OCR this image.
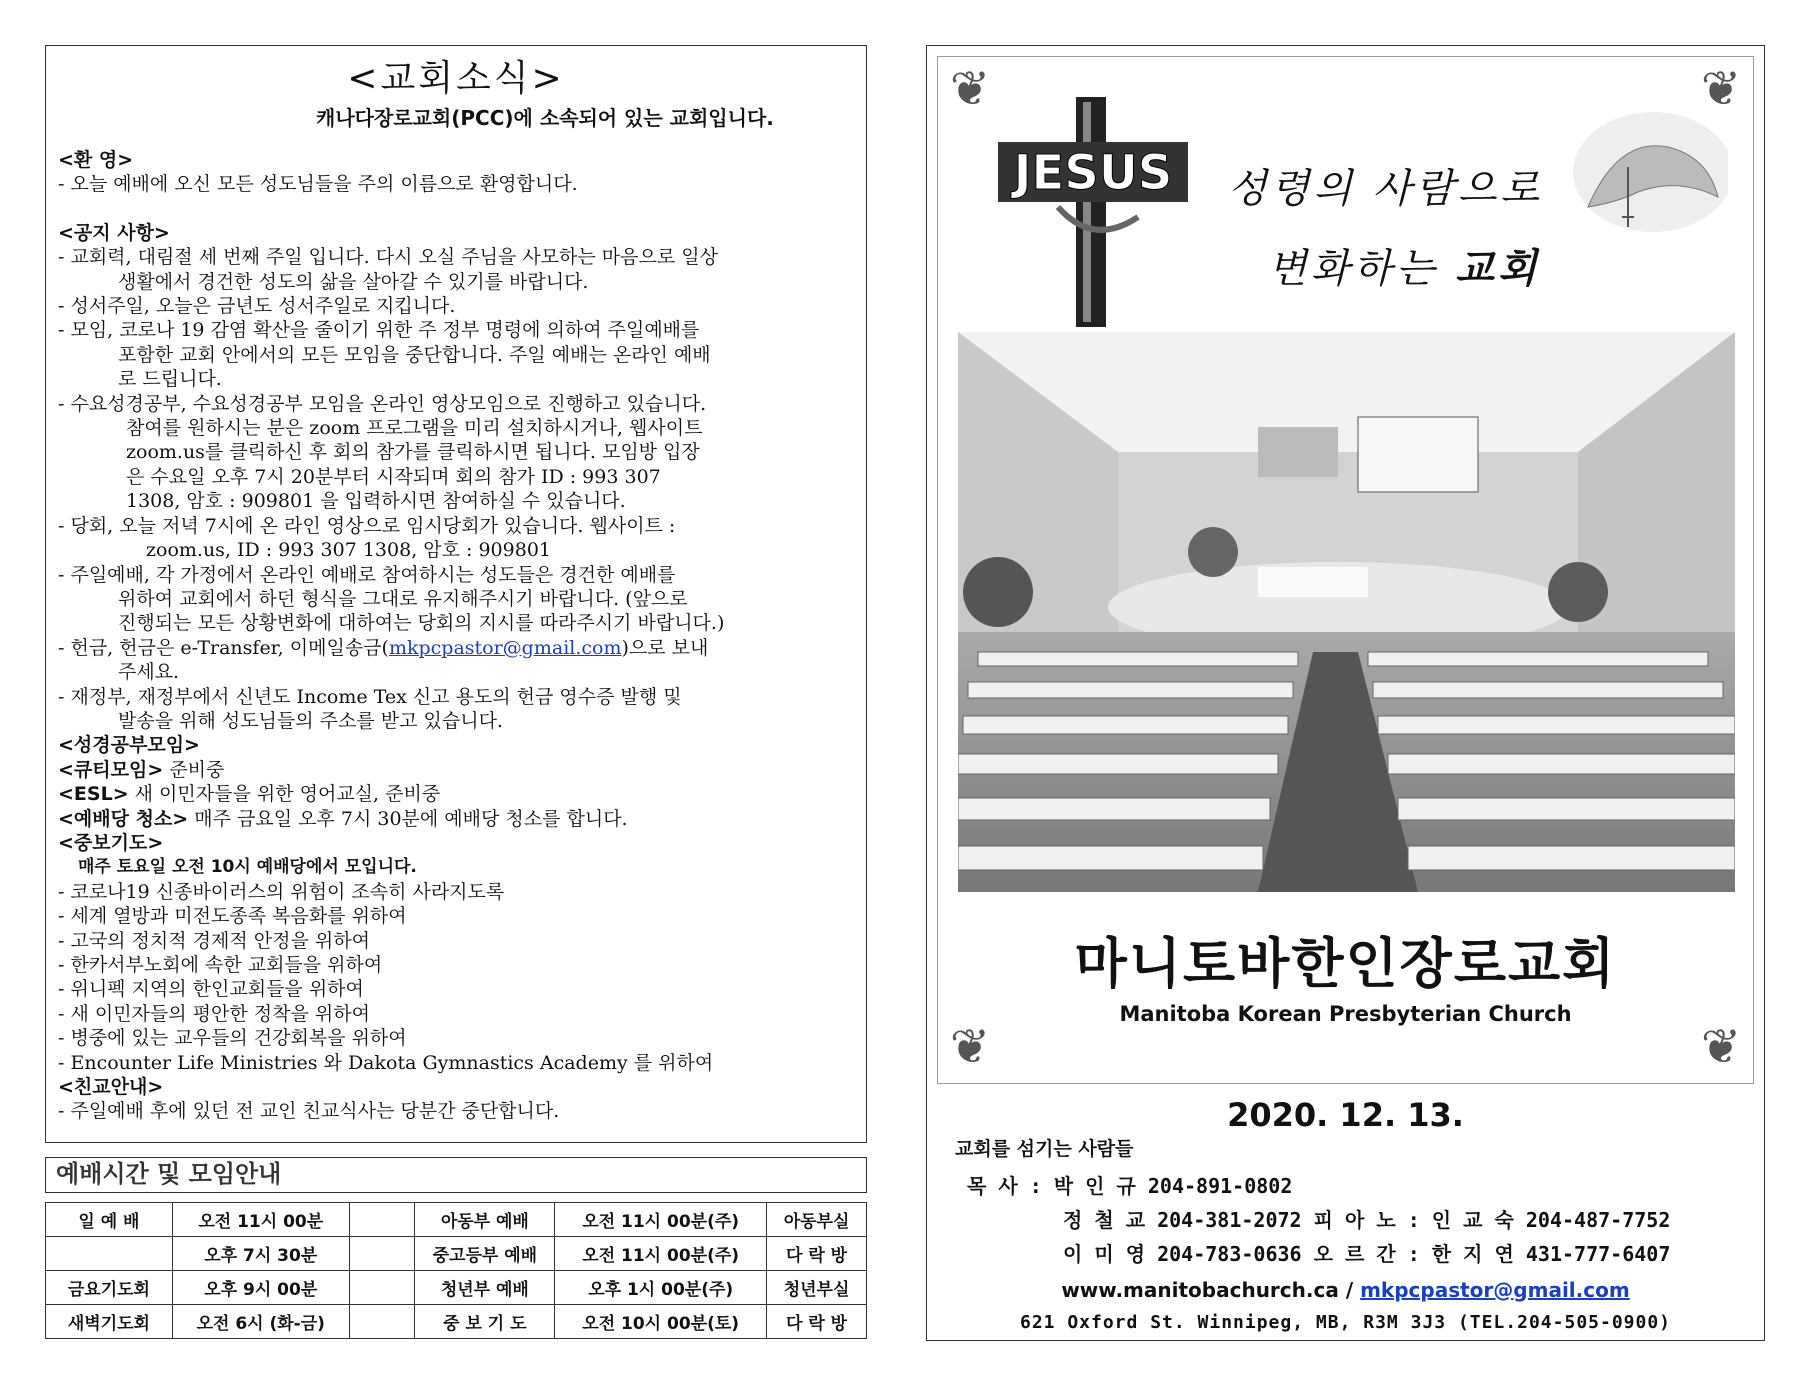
<교회소식>
캐나다장로교회(PCC)에 소속되어 있는 교회입니다.
<환 영>
- 오늘 예배에 오신 모든 성도님들을 주의 이름으로 환영합니다.
<공지 사항>
- 교회력, 대림절 세 번째 주일 입니다. 다시 오실 주님을 사모하는 마음으로 일상
생활에서 경건한 성도의 삶을 살아갈 수 있기를 바랍니다.
- 성서주일, 오늘은 금년도 성서주일로 지킵니다.
- 모임, 코로나 19 감염 확산을 줄이기 위한 주 정부 명령에 의하여 주일예배를
포함한 교회 안에서의 모든 모임을 중단합니다. 주일 예배는 온라인 예배
로 드립니다.
- 수요성경공부, 수요성경공부 모임을 온라인 영상모임으로 진행하고 있습니다.
참여를 원하시는 분은 zoom 프로그램을 미리 설치하시거나, 웹사이트
zoom.us를 클릭하신 후 회의 참가를 클릭하시면 됩니다. 모임방 입장
은 수요일 오후 7시 20분부터 시작되며 회의 참가 ID : 993 307
1308, 암호 : 909801 을 입력하시면 참여하실 수 있습니다.
- 당회, 오늘 저녁 7시에 온 라인 영상으로 임시당회가 있습니다. 웹사이트 :
zoom.us, ID : 993 307 1308, 암호 : 909801
- 주일예배, 각 가정에서 온라인 예배로 참여하시는 성도들은 경건한 예배를
위하여 교회에서 하던 형식을 그대로 유지해주시기 바랍니다. (앞으로
진행되는 모든 상황변화에 대하여는 당회의 지시를 따라주시기 바랍니다.)
- 헌금, 헌금은 e-Transfer, 이메일송금(mkpcpastor@gmail.com)으로 보내
주세요.
- 재정부, 재정부에서 신년도 Income Tex 신고 용도의 헌금 영수증 발행 및
발송을 위해 성도님들의 주소를 받고 있습니다.
<성경공부모임>
<큐티모임> 준비중
<ESL> 새 이민자들을 위한 영어교실, 준비중
<예배당 청소> 매주 금요일 오후 7시 30분에 예배당 청소를 합니다.
<중보기도>
매주 토요일 오전 10시 예배당에서 모입니다.
- 코로나19 신종바이러스의 위험이 조속히 사라지도록
- 세계 열방과 미전도종족 복음화를 위하여
- 고국의 정치적 경제적 안정을 위하여
- 한카서부노회에 속한 교회들을 위하여
- 위니펙 지역의 한인교회들을 위하여
- 새 이민자들의 평안한 정착을 위하여
- 병중에 있는 교우들의 건강회복을 위하여
- Encounter Life Ministries 와 Dakota Gymnastics Academy 를 위하여
<친교안내>
- 주일예배 후에 있던 전 교인 친교식사는 당분간 중단합니다.
예배시간 및 모임안내
일 예 배	오전 11시 00분		아동부 예배	오전 11시 00분(주)	아동부실
	오후 7시 30분		중고등부 예배	오전 11시 00분(주)	다 락 방
금요기도회	오후 9시 00분		청년부 예배	오후 1시 00분(주)	청년부실
새벽기도회	오전 6시 (화-금)		중 보 기 도	오전 10시 00분(토)	다 락 방
❦	❦
❦	❦
JESUS 성령의 사람으로
변화하는 교회
마니토바한인장로교회
Manitoba Korean Presbyterian Church
2020. 12. 13.
교회를 섬기는 사람들
목 사 : 박 인 규 204-891-0802
정 철 교 204-381-2072 피 아 노 : 인 교 숙 204-487-7752
이 미 영 204-783-0636 오 르 간 : 한 지 연 431-777-6407
www.manitobachurch.ca / mkpcpastor@gmail.com
621 Oxford St. Winnipeg, MB, R3M 3J3 (TEL.204-505-0900)
